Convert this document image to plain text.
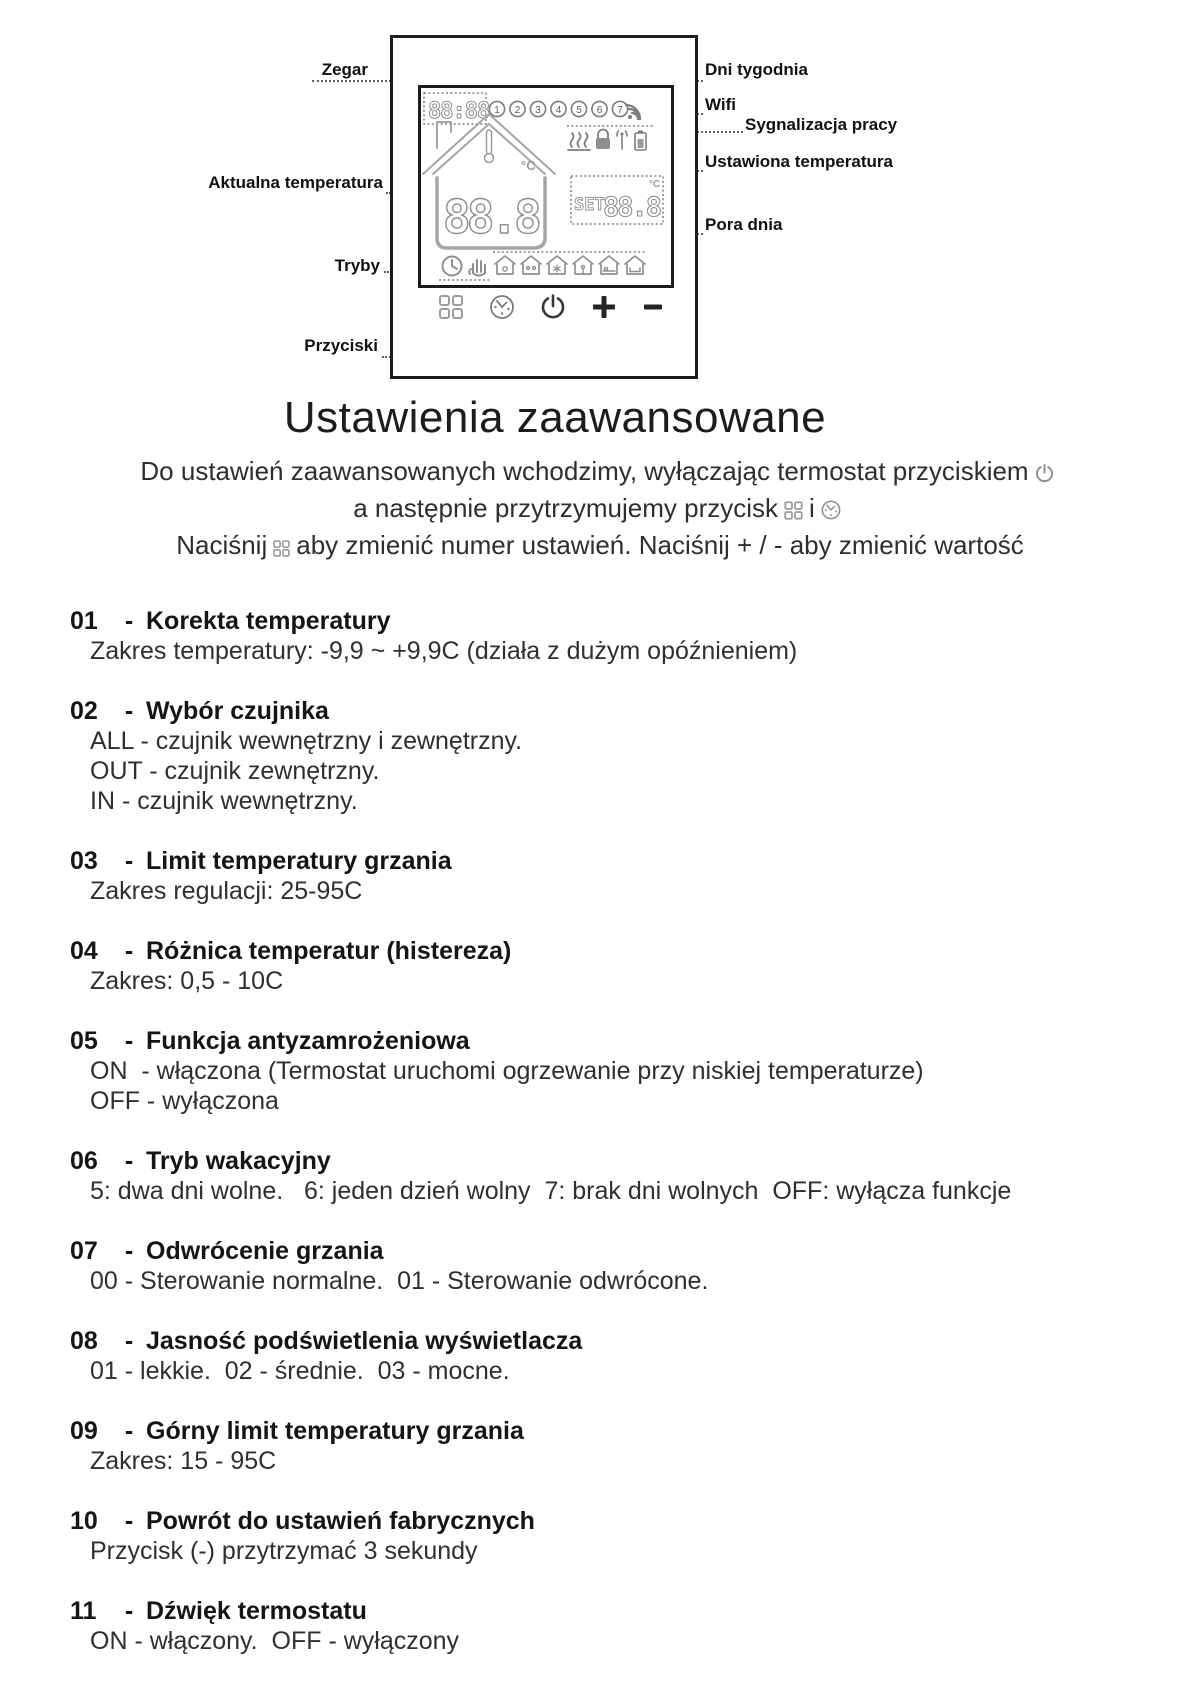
Zegar
Aktualna temperatura
Tryby
Przyciski
Dni tygodnia
Wifi
Sygnalizacja pracy
Ustawiona temperatura
Pora dnia
88:88 1 2 3 4 5 6 7
88.8
°C
SET
88.8
°C
Ustawienia zaawansowane

Do ustawień zaawansowanych wchodzimy, wyłączając termostat przyciskiem

a następnie przytrzymujemy przycisk i

Naciśnij aby zmienić numer ustawień. Naciśnij + / - aby zmienić wartość

01	- Korekta temperatury
Zakres temperatury: -9,9 ~ +9,9C (działa z dużym opóźnieniem)
02	- Wybór czujnika
ALL - czujnik wewnętrzny i zewnętrzny.
OUT - czujnik zewnętrzny.
IN - czujnik wewnętrzny.
03	- Limit temperatury grzania
Zakres regulacji: 25-95C
04	- Różnica temperatur (histereza)
Zakres: 0,5 - 10C
05	- Funkcja antyzamrożeniowa
ON  - włączona (Termostat uruchomi ogrzewanie przy niskiej temperaturze)
OFF - wyłączona
06	- Tryb wakacyjny
5: dwa dni wolne.   6: jeden dzień wolny  7: brak dni wolnych  OFF: wyłącza funkcje
07	- Odwrócenie grzania
00 - Sterowanie normalne.  01 - Sterowanie odwrócone.
08	- Jasność podświetlenia wyświetlacza
01 - lekkie.  02 - średnie.  03 - mocne.
09	- Górny limit temperatury grzania
Zakres: 15 - 95C
10	- Powrót do ustawień fabrycznych
Przycisk (-) przytrzymać 3 sekundy
11	- Dźwięk termostatu
ON - włączony.  OFF - wyłączony
